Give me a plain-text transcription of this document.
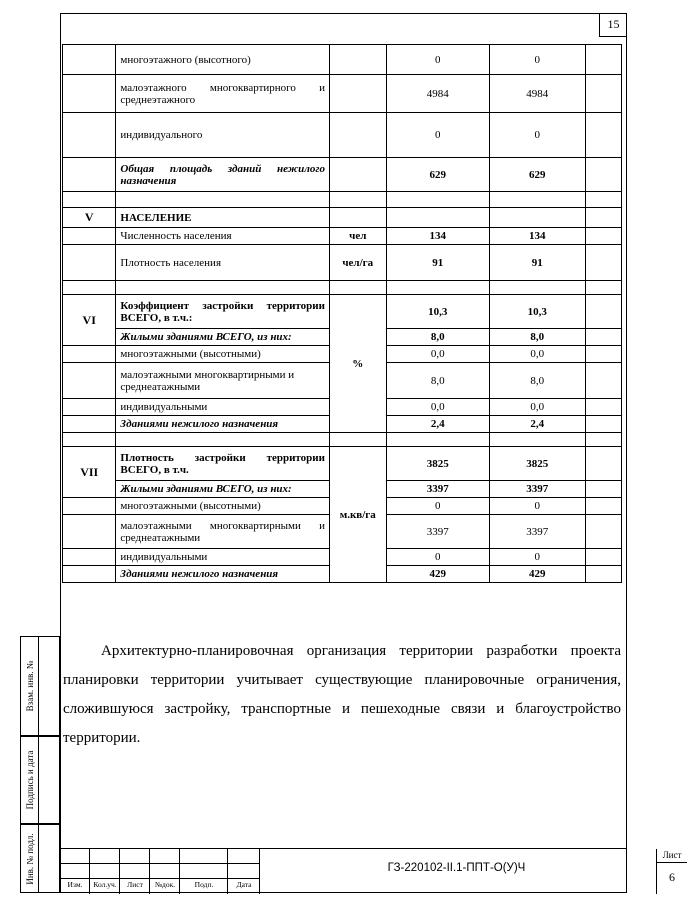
15
	многоэтажного (высотного)		0	0	
	малоэтажного многоквартирного и среднеэтажного		4984	4984	
	индивидуального		0	0	
	Общая площадь зданий нежилого назначения		629	629	

V	НАСЕЛЕНИЕ				
	Численность населения	чел	134	134	
	Плотность населения	чел/га	91	91	

VI	Коэффициент застройки территории ВСЕГО, в т.ч.:	%	10,3	10,3	
	Жилыми зданиями ВСЕГО, из них:		8,0	8,0	
	многоэтажными (высотными)		0,0	0,0	
	малоэтажными многоквартирными и среднеатажными		8,0	8,0	
	индивидуальными		0,0	0,0	
	Зданиями нежилого назначения		2,4	2,4	

VII	Плотность застройки территории ВСЕГО, в т.ч.	м.кв/га	3825	3825	
	Жилыми зданиями ВСЕГО, из них:		3397	3397	
	многоэтажными (высотными)		0	0	
	малоэтажными многоквартирными и среднеатажными		3397	3397	
	индивидуальными		0	0	
	Зданиями нежилого назначения		429	429	

Архитектурно-планировочная организация территории разработки проекта планировки территории учитывает существующие планировочные ограничения, сложившуюся застройку, транспортные и пешеходные связи и благоустройство территории.

Взам. инв. №
Подпись и дата
Инв. № подл.
Изм.	Кол.уч.	Лист	№док.	Подп.	Дата
ГЗ-220102-II.1-ППТ-О(У)Ч
Лист
6
